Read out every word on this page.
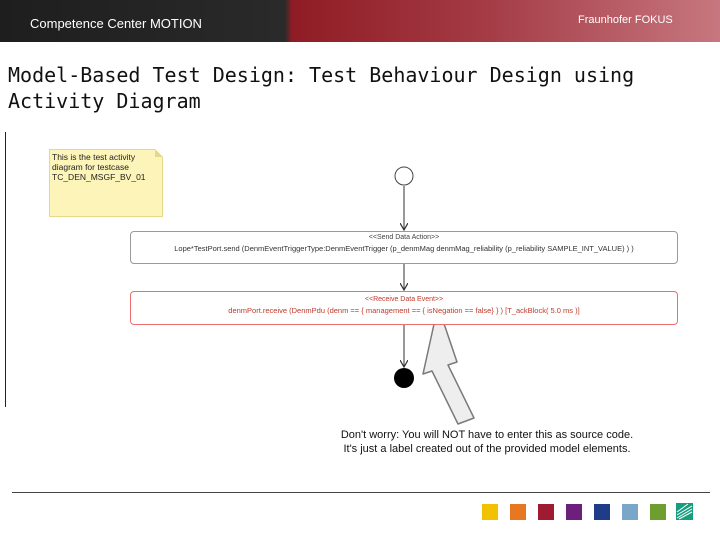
Competence Center MOTION	Fraunhofer FOKUS
Model-Based Test Design: Test Behaviour Design using Activity Diagram
This is the test activity diagram for testcase TC_DEN_MSGF_BV_01
<<Send Data Action>>
Lope*TestPort.send (DenmEventTriggerType:DenmEventTrigger (p_denmMag denmMag_reliability (p_reliability SAMPLE_INT_VALUE) ) )
<<Receive Data Event>>
denmPort.receive (DenmPdu (denm == { management == { isNegation == false} } ) [T_ackBlock( 5.0 ms )]
Don't worry: You will NOT have to enter this as source code.
It's just a label created out of the provided model elements.
